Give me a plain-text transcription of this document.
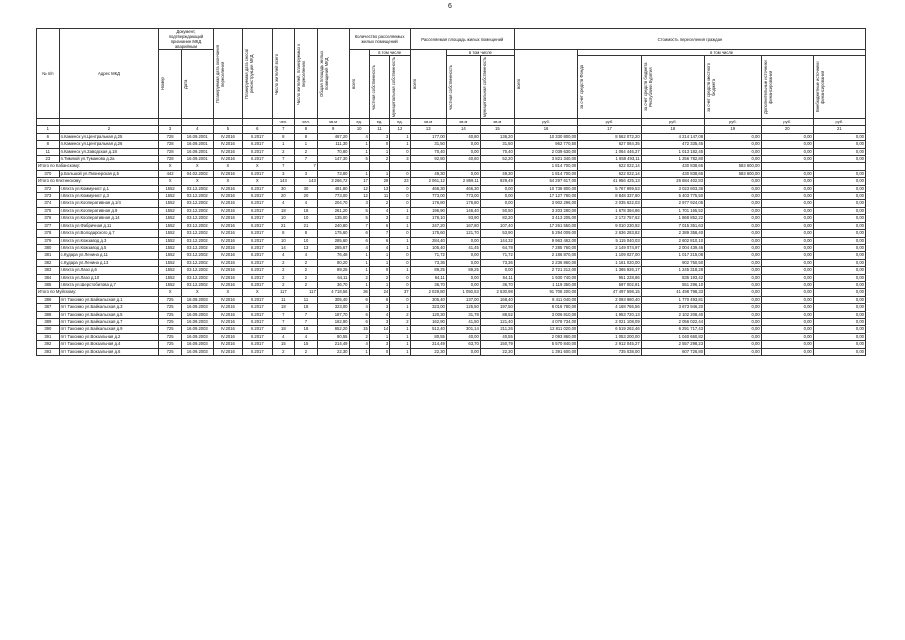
6
№ п/п	Адрес МКД	Документ, подтверждающий признание МКД аварийным		Планируемая дата окончания переселения	Планируемая дата сноса/реконструкции МКД	Число жителей всего	Число жителей, планируемых к переселению	Общая площадь жилых помещений МКД	Количество расселяемых жилых помещений			Расселяемая площадь жилых помещений			Стоимость переселения граждан					

		Номер	Дата						всего	в том числе		всего	в том числе		всего	в том числе				

										частная собственность	муниципальная собственность		частная собственность	муниципальная собственность		за счет средств Фонда	за счет средств бюджета Республики Бурятия	за счет средств местного бюджета	Дополнительные источники финансирования	Внебюджетные источники финансирования

						чел.	чел.	кв.м	ед.	ед.	ед.	кв.м	кв.м	кв.м	руб.	руб.	руб.	руб.	руб.	руб.
1	2	3	4	5	6	7	8	9	10	11	12	13	14	15	16	17	18	19	20	21
6	п.Каменск ул.Центральная д.25	728	16.09.2001	IV.2016	II.2017	8	8	467,20	4	3	1	177,00	40,80	136,20	10 330 800,00	8 562 072,20	4 214 147,08	0,00	0,00	0,00
8	п.Каменск ул.Центральная д.26	728	16.09.2001	IV.2016	II.2017	1	1	111,30	1	0	1	31,50	0,00	31,50	962 770,50	627 084,35	472 335,45	0,00	0,00	0,00
11	п.Каменск ул.Заводская д.18	728	16.09.2001	IV.2016	II.2017	2	2	70,80	1	1	0	70,40	0,00	70,40	2 039 630,00	1 064 446,27	1 013 182,45	0,00	0,00	0,00
23	п.Тимлюй ул.Туманова д.2а	728	16.09.2001	IV.2016	II.2017	7	7	147,30	5	2	3	92,80	40,60	52,20	3 821 340,00	1 658 493,11	1 256 782,80	0,00	0,00	0,00
Итого по Кабанскому:		X	X	X	X	7	7								1 814 700,00	622 022,14	430 838,66	583 600,00		
370	р.Большой ул.Пионерская д.5	442	04.02.2002	IV.2016	II.2017	3	3	73,80	1	1	0	49,30	0,00	49,30	1 814 700,00	622 022,14	430 838,66	583 600,00	0,00	0,00
Итого по Кяхтинскому:		X	X	X	X	143	143	3 266,72	17	29	23	2 061,12	2 869,11	929,49	54 297 617,00	41 956 425,13	26 684 402,83	0,00	0,00	0,00
372	г.Кяхта ул.Коммунист д.1	1552	03.12.2002	IV.2016	II.2017	30	30	481,80	12	13	0	466,30	466,30	0,00	10 738 800,00	5 767 899,53	3 023 803,36	0,00	0,00	0,00
373	г.Кяхта ул.Коммунист д.3	1552	03.12.2002	IV.2016	II.2017	20	20	773,00	12	11	0	773,00	773,00	0,00	17 127 780,00	8 848 337,80	5 403 775,50	0,00	0,00	0,00
374	г.Кяхта ул.Кооперативная д.1/4	1552	03.12.2002	IV.2016	II.2017	4	4	204,70	3	2	0	176,80	176,80	0,00	3 902 296,00	2 035 622,03	2 977 924,05	0,00	0,00	0,00
375	г.Кяхта ул.Кооперативная д.9	1552	03.12.2002	IV.2016	II.2017	18	18	261,20	5	4	1	196,90	146,40	50,50	3 203 280,00	1 678 394,86	1 701 165,52	0,00	0,00	0,00
376	г.Кяхта ул.Кооперативная д.14	1552	03.12.2002	IV.2016	II.2017	10	10	135,00	5	3	2	176,10	93,90	82,20	3 413 205,00	2 172 757,62	1 868 852,22	0,00	0,00	0,00
377	г.Кяхта ул.Фабричная д.11	1552	03.12.2002	IV.2016	II.2017	21	21	240,80	7	6	1	247,20	167,80	107,40	17 261 550,00	9 010 230,92	7 015 351,63	0,00	0,00	0,00
378	г.Кяхта ул.Володарского д.7	1552	03.12.2002	IV.2016	II.2017	8	8	175,60	6	7	0	175,60	121,70	53,90	5 294 009,00	2 636 283,82	2 389 358,40	0,00	0,00	0,00
379	г.Кяхта ул.Кожзавод д.3	1552	03.12.2002	IV.2016	II.2017	10	10	285,60	6	6	1	284,40	0,00	144,32	9 963 462,00	5 115 040,03	2 602 810,10	0,00	0,00	0,00
380	г.Кяхта ул.Кожзавод д.5	1552	03.12.2002	IV.2016	II.2017	14	13	285,67	4	4	1	105,40	41,45	64,78	7 285 760,00	2 149 074,97	2 004 439,46	0,00	0,00	0,00
381	с.Кудара ул.Ленина д.11	1552	03.12.2002	IV.2016	II.2017	4	4	76,48	1	1	0	71,72	0,00	71,72	2 186 870,00	1 109 027,00	1 017 215,08	0,00	0,00	0,00
382	с.Кудара ул.Ленина д.13	1552	03.12.2002	IV.2016	II.2017	2	2	80,20	1	1	0	73,36	0,00	73,36	2 236 860,00	1 161 020,00	902 750,50	0,00	0,00	0,00
383	г.Кяхта ул.Лазо д.6	1552	03.12.2002	IV.2016	II.2017	2	2	89,25	1	0	1	89,25	89,25	0,00	2 721 212,00	1 365 926,17	1 245 318,28	0,00	0,00	0,00
384	г.Кяхта ул.Лазо д.10	1552	03.12.2002	IV.2016	II.2017	2	2	64,11	2	2	0	64,11	0,00	64,11	1 930 740,00	951 228,86	835 193,42	0,00	0,00	0,00
385	г.Кяхта ул.Шерстобитова д.7	1552	03.12.2002	IV.2016	II.2017	2	2	36,70	1	1	0	36,70	0,00	36,70	1 119 350,00	597 002,81	551 296,10	0,00	0,00	0,00
Итого по Муйскому:		X	X	X	X	117	117	4 718,56	36	24	37	2 029,80	1 050,53	2 530,98	91 708 200,00	47 497 598,15	41 498 798,33	0,00	0,00	0,00
386	пгт Таксимо ул.Байкальская д.1	725	16.09.2003	IV.2016	II.2017	11	11	305,40	6	6	0	305,40	137,00	168,40	8 411 040,00	2 093 980,40	1 770 493,81	0,00	0,00	0,00
387	пгт Таксимо ул.Байкальская д.3	725	16.09.2003	IV.2016	II.2017	18	18	323,00	4	3	1	323,00	125,50	197,50	8 016 780,00	4 168 766,56	3 673 946,20	0,00	0,00	0,00
388	пгт Таксимо ул.Байкальская д.5	725	16.09.2003	IV.2016	II.2017	7	7	187,70	6	4	2	120,30	31,78	88,52	3 006 810,00	1 953 720,13	2 102 208,40	0,00	0,00	0,00
389	пгт Таксимо ул.Байкальская д.7	725	16.09.2003	IV.2016	II.2017	7	7	162,90	6	3	2	162,90	41,50	121,40	4 078 734,00	2 021 108,09	2 056 022,44	0,00	0,00	0,00
390	пгт Таксимо ул.Байкальская д.9	725	16.09.2003	IV.2016	II.2017	18	18	652,20	15	14	1	512,40	301,14	211,26	12 811 020,00	6 519 262,46	6 291 717,43	0,00	0,00	0,00
391	пгт Таксимо ул.Вокзальная д.2	725	16.09.2003	IV.2016	II.2017	4	4	80,55	2	1	1	80,55	40,00	40,55	2 093 860,00	1 053 200,00	1 040 660,82	0,00	0,00	0,00
392	пгт Таксимо ул.Вокзальная д.4	725	16.09.2003	IV.2016	II.2017	15	15	214,49	4	3	1	214,49	63,70	150,79	5 570 840,00	2 912 045,27	2 557 298,23	0,00	0,00	0,00
393	пгт Таксимо ул.Вокзальная д.6	725	16.09.2003	IV.2016	II.2017	2	2	22,30	1	0	1	22,30	0,00	22,30	1 391 600,00	735 038,00	607 726,80	0,00	0,00	0,00
